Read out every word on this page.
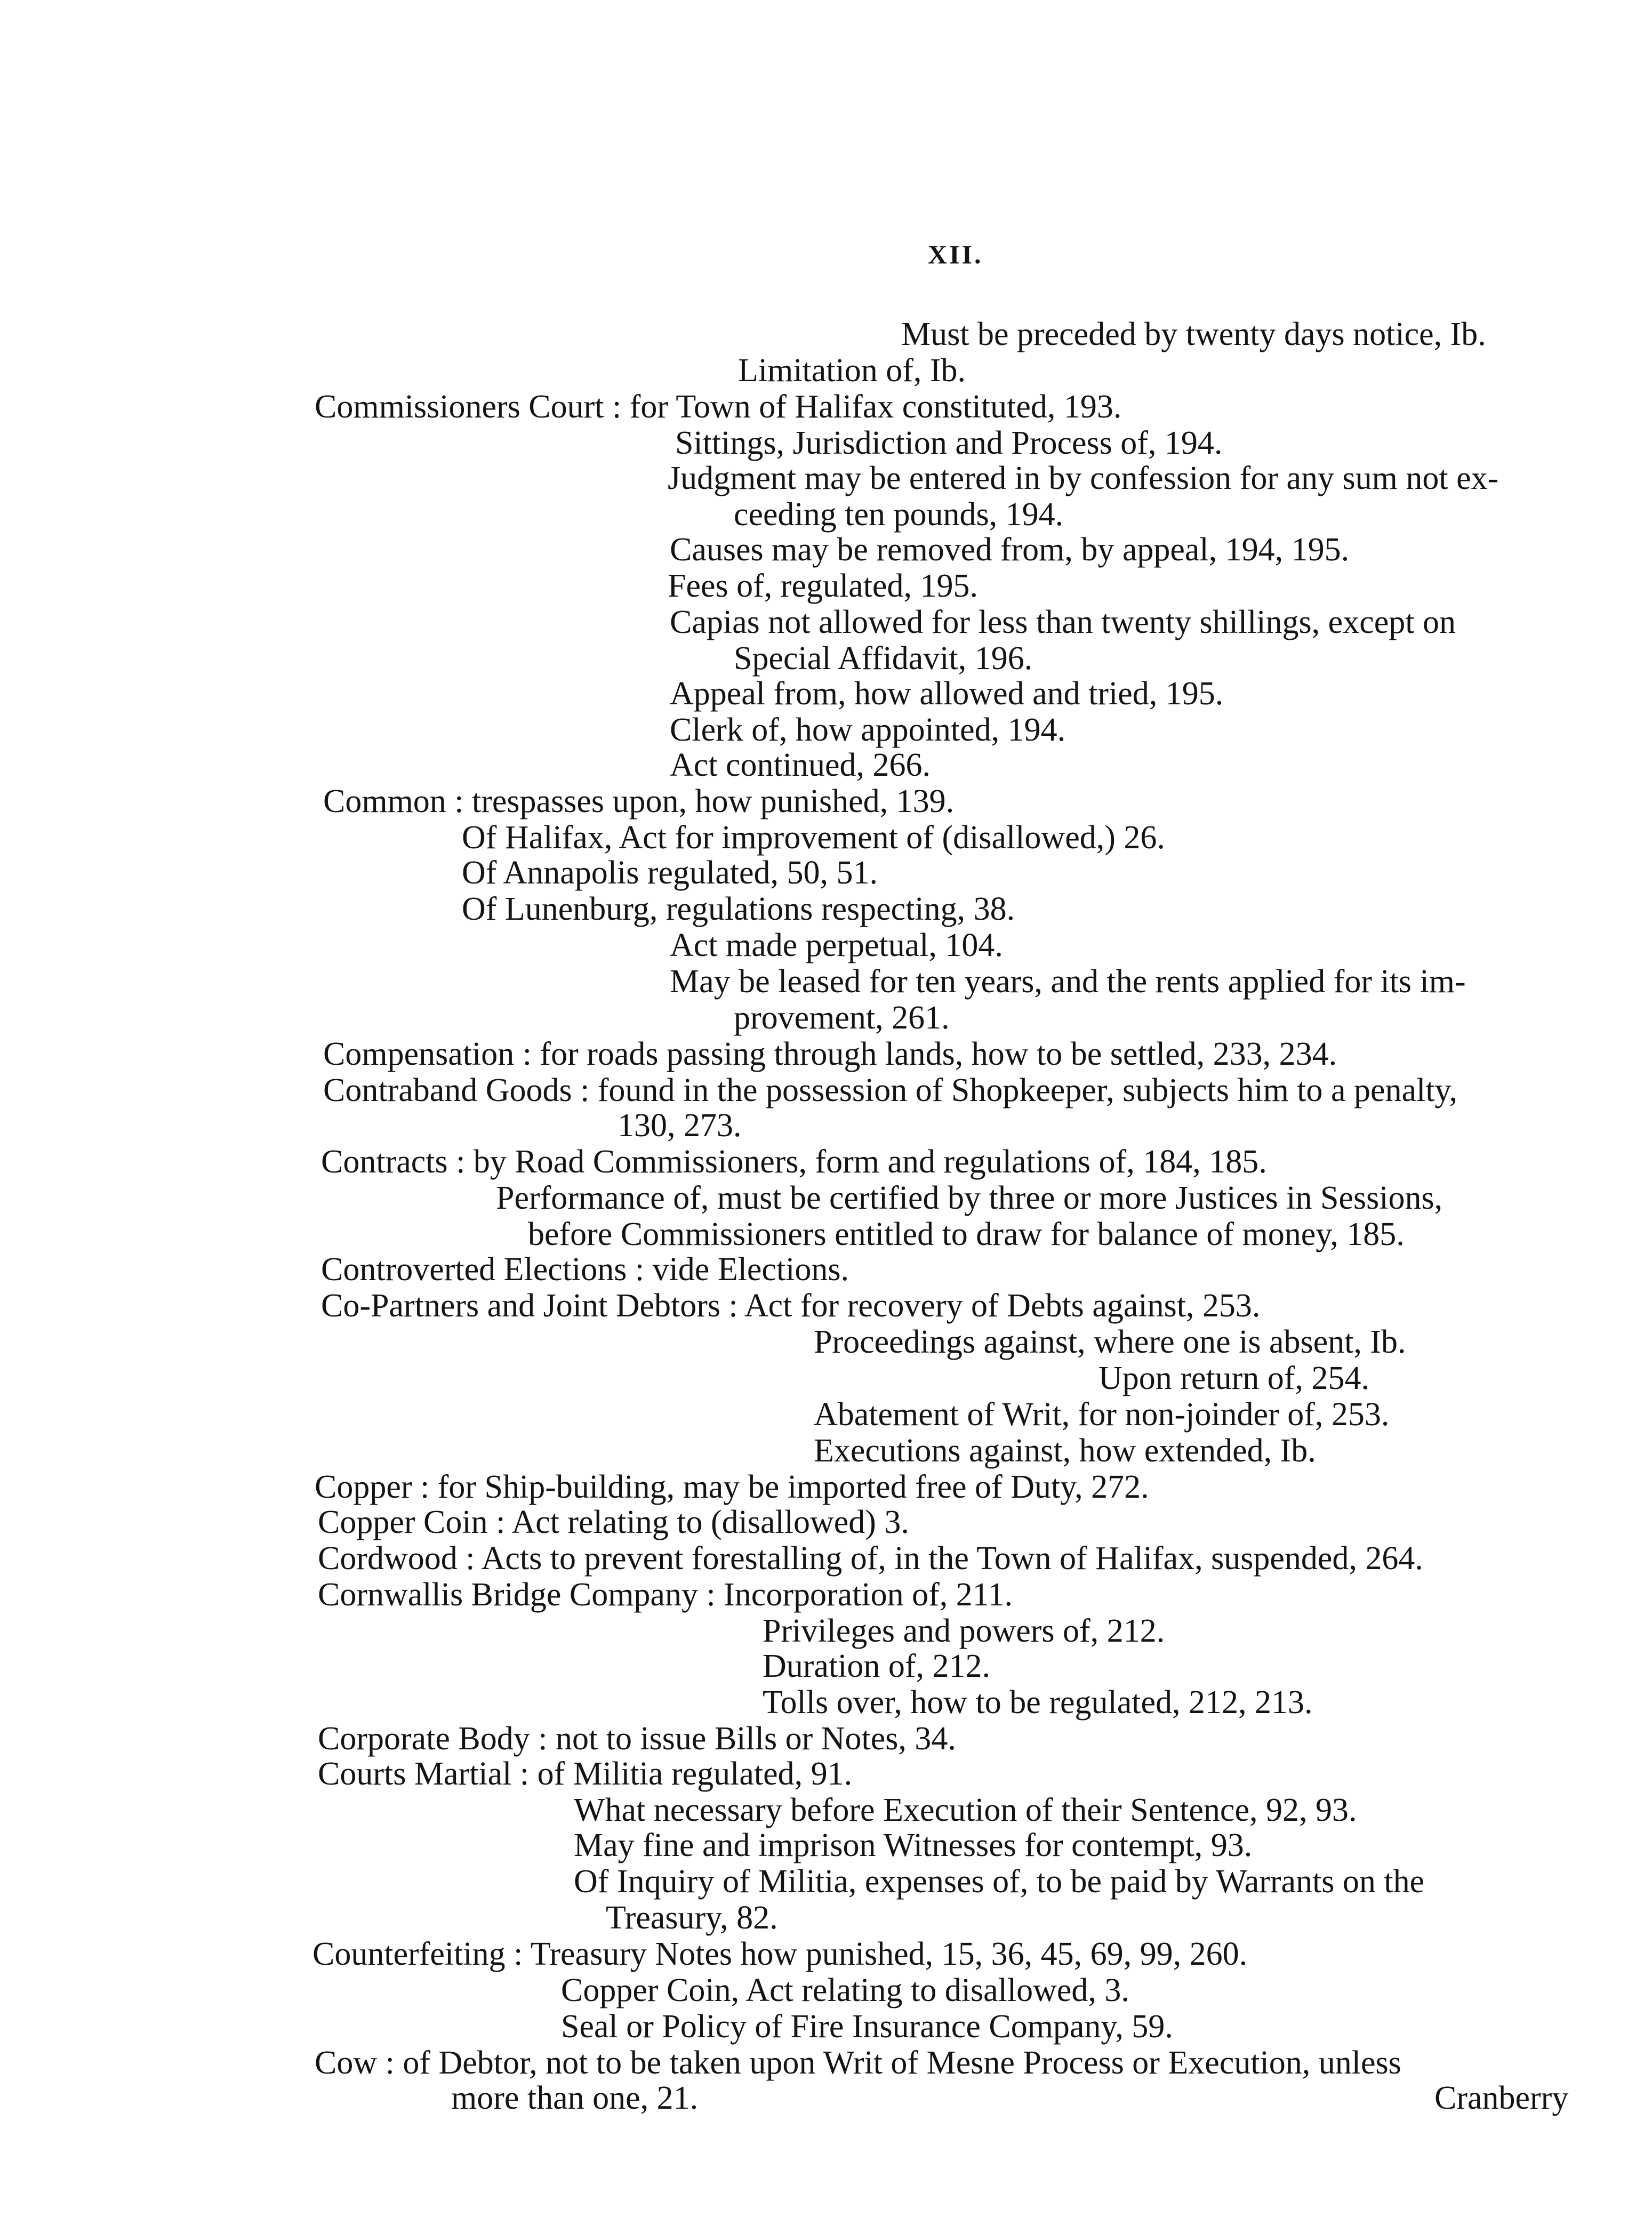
XII.
Must be preceded by twenty days notice, Ib.
Limitation of, Ib.
Commissioners Court : for Town of Halifax constituted, 193.
Sittings, Jurisdiction and Process of, 194.
Judgment may be entered in by confession for any sum not ex-
ceeding ten pounds, 194.
Causes may be removed from, by appeal, 194, 195.
Fees of, regulated, 195.
Capias not allowed for less than twenty shillings, except on
Special Affidavit, 196.
Appeal from, how allowed and tried, 195.
Clerk of, how appointed, 194.
Act continued, 266.
Common : trespasses upon, how punished, 139.
Of Halifax, Act for improvement of (disallowed,) 26.
Of Annapolis regulated, 50, 51.
Of Lunenburg, regulations respecting, 38.
Act made perpetual, 104.
May be leased for ten years, and the rents applied for its im-
provement, 261.
Compensation : for roads passing through lands, how to be settled, 233, 234.
Contraband Goods : found in the possession of Shopkeeper, subjects him to a penalty,
130, 273.
Contracts : by Road Commissioners, form and regulations of, 184, 185.
Performance of, must be certified by three or more Justices in Sessions,
before Commissioners entitled to draw for balance of money, 185.
Controverted Elections : vide Elections.
Co-Partners and Joint Debtors : Act for recovery of Debts against, 253.
Proceedings against, where one is absent, Ib.
Upon return of, 254.
Abatement of Writ, for non-joinder of, 253.
Executions against, how extended, Ib.
Copper : for Ship-building, may be imported free of Duty, 272.
Copper Coin : Act relating to (disallowed) 3.
Cordwood : Acts to prevent forestalling of, in the Town of Halifax, suspended, 264.
Cornwallis Bridge Company : Incorporation of, 211.
Privileges and powers of, 212.
Duration of, 212.
Tolls over, how to be regulated, 212, 213.
Corporate Body : not to issue Bills or Notes, 34.
Courts Martial : of Militia regulated, 91.
What necessary before Execution of their Sentence, 92, 93.
May fine and imprison Witnesses for contempt, 93.
Of Inquiry of Militia, expenses of, to be paid by Warrants on the
Treasury, 82.
Counterfeiting : Treasury Notes how punished, 15, 36, 45, 69, 99, 260.
Copper Coin, Act relating to disallowed, 3.
Seal or Policy of Fire Insurance Company, 59.
Cow : of Debtor, not to be taken upon Writ of Mesne Process or Execution, unless
more than one, 21.	Cranberry
